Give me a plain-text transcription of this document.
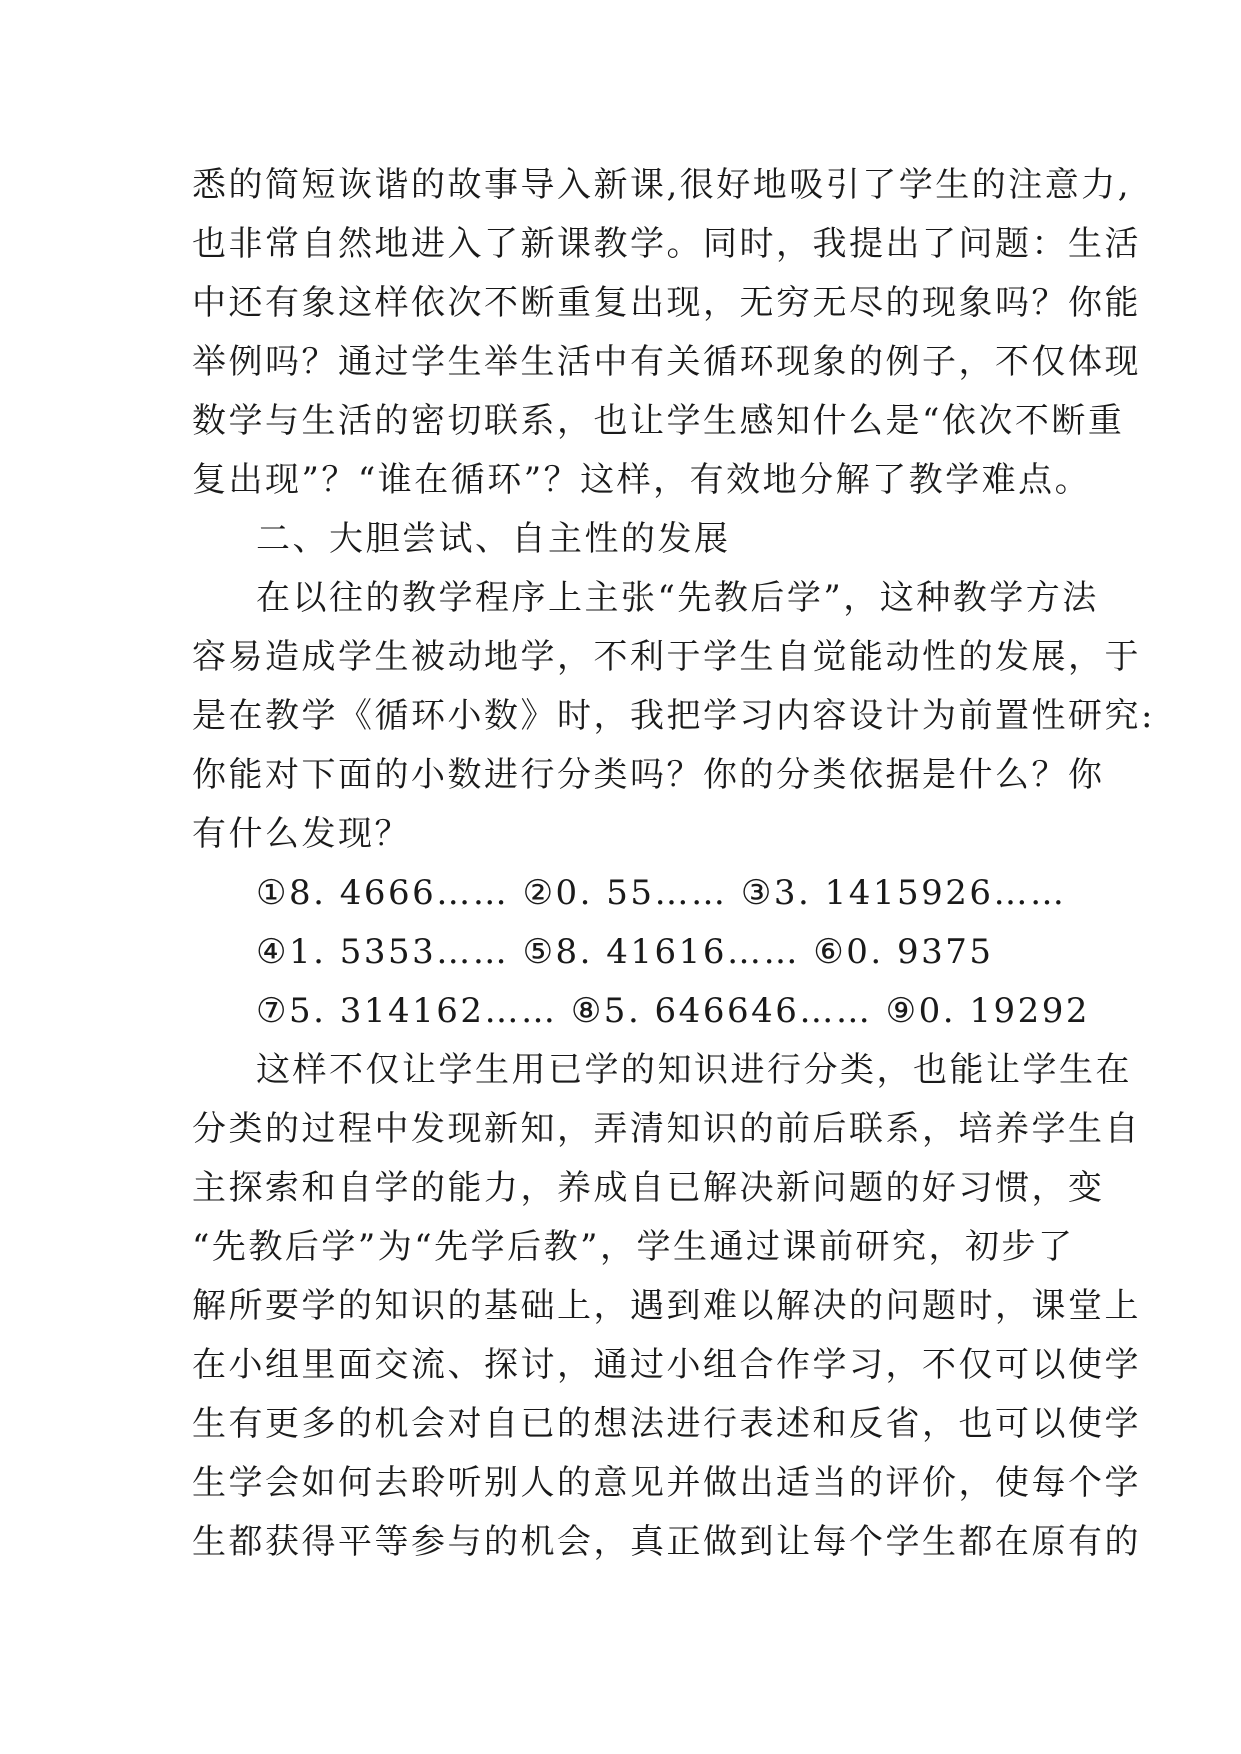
悉的简短诙谐的故事导入新课,很好地吸引了学生的注意力,
也非常自然地进入了新课教学。同时，我提出了问题：生活
中还有象这样依次不断重复出现，无穷无尽的现象吗？你能
举例吗？通过学生举生活中有关循环现象的例子，不仅体现
数学与生活的密切联系，也让学生感知什么是“依次不断重
复出现”？“谁在循环”？这样，有效地分解了教学难点。
二、大胆尝试、自主性的发展
在以往的教学程序上主张“先教后学”，这种教学方法
容易造成学生被动地学，不利于学生自觉能动性的发展，于
是在教学《循环小数》时，我把学习内容设计为前置性研究:
你能对下面的小数进行分类吗？你的分类依据是什么？你
有什么发现？
①8. 4666…… ②0. 55…… ③3. 1415926……
④1. 5353…… ⑤8. 41616…… ⑥0. 9375
⑦5. 314162…… ⑧5. 646646…… ⑨0. 19292
这样不仅让学生用已学的知识进行分类，也能让学生在
分类的过程中发现新知，弄清知识的前后联系，培养学生自
主探索和自学的能力，养成自已解决新问题的好习惯，变
“先教后学”为“先学后教”，学生通过课前研究，初步了
解所要学的知识的基础上，遇到难以解决的问题时，课堂上
在小组里面交流、探讨，通过小组合作学习，不仅可以使学
生有更多的机会对自已的想法进行表述和反省，也可以使学
生学会如何去聆听别人的意见并做出适当的评价，使每个学
生都获得平等参与的机会，真正做到让每个学生都在原有的
